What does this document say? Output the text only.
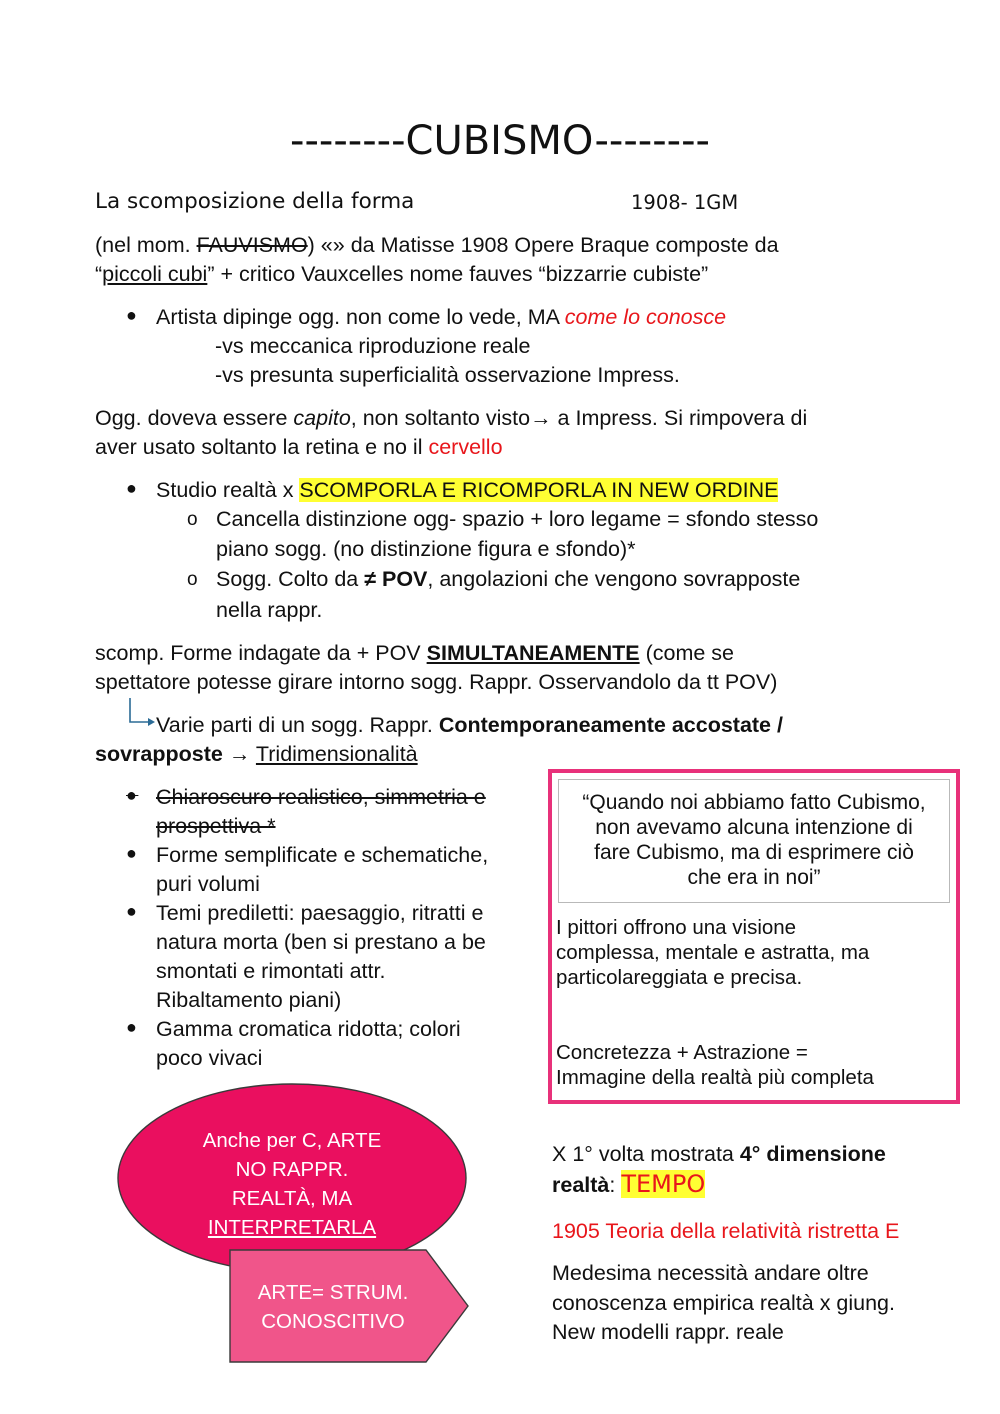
--------CUBISMO--------
La scomposizione della forma	1908- 1GM
(nel mom. FAUVISMO) «» da Matisse 1908 Opere Braque composte da
“piccoli cubi” + critico Vauxcelles nome fauves “bizzarrie cubiste”
● Artista dipinge ogg. non come lo vede, MA come lo conosce
-vs meccanica riproduzione reale
-vs presunta superficialità osservazione Impress.
Ogg. doveva essere capito, non soltanto visto→ a Impress. Si rimpovera di
aver usato soltanto la retina e no il cervello
● Studio realtà x SCOMPORLA E RICOMPORLA IN NEW ORDINE
o Cancella distinzione ogg- spazio + loro legame = sfondo stesso
piano sogg. (no distinzione figura e sfondo)*
o Sogg. Colto da ≠ POV, angolazioni che vengono sovrapposte
nella rappr.
scomp. Forme indagate da + POV SIMULTANEAMENTE (come se
spettatore potesse girare intorno sogg. Rappr. Osservandolo da tt POV)
Varie parti di un sogg. Rappr. Contemporaneamente accostate /
sovrapposte → Tridimensionalità
●  Chiaroscuro realistico, simmetria e
prospettiva *
● Forme semplificate e schematiche,
puri volumi
● Temi prediletti: paesaggio, ritratti e
natura morta (ben si prestano a be
smontati e rimontati attr.
Ribaltamento piani)
● Gamma cromatica ridotta; colori
poco vivaci
“Quando noi abbiamo fatto Cubismo,
non avevamo alcuna intenzione di
fare Cubismo, ma di esprimere ciò
che era in noi”
I pittori offrono una visione
complessa, mentale e astratta, ma
particolareggiata e precisa.
Concretezza + Astrazione =
Immagine della realtà più completa
Anche per C, ARTE
NO RAPPR.
REALTÀ, MA
INTERPRETARLA
ARTE= STRUM.
CONOSCITIVO
X 1° volta mostrata 4° dimensione
realtà: TEMPO
1905 Teoria della relatività ristretta E
Medesima necessità andare oltre
conoscenza empirica realtà x giung.
New modelli rappr. reale
